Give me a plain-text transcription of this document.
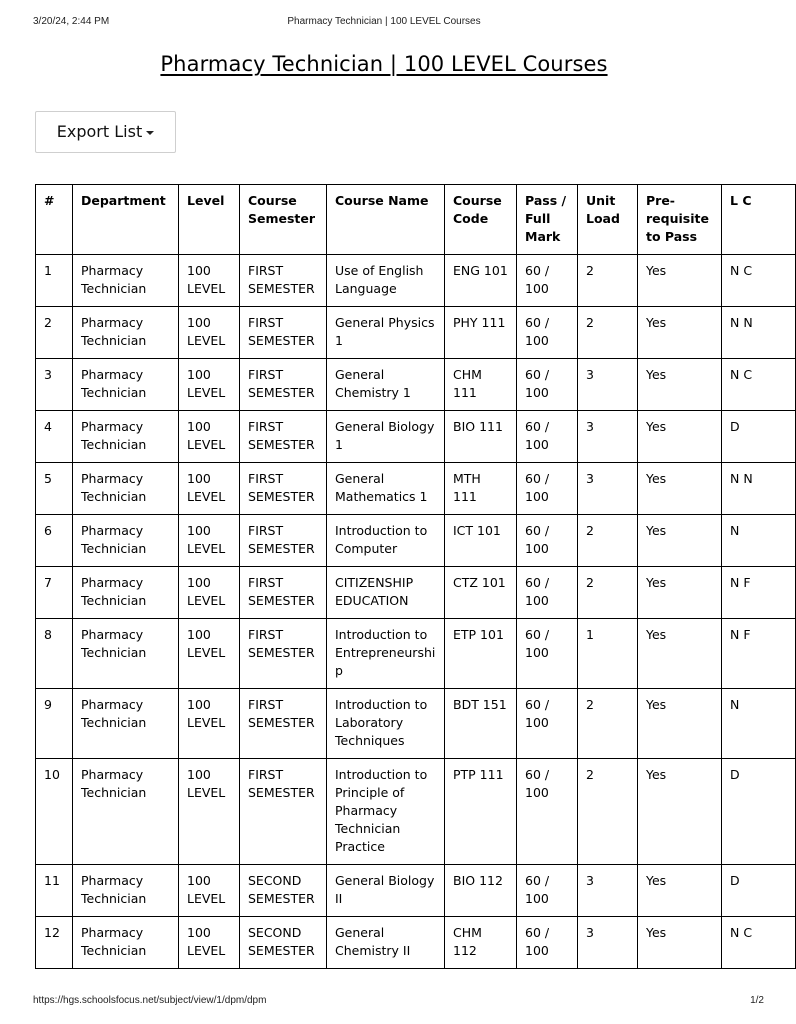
3/20/24, 2:44 PM	Pharmacy Technician | 100 LEVEL Courses
Pharmacy Technician | 100 LEVEL Courses
Export List
#	Department	Level	Course Semester	Course Name	Course Code	Pass / Full Mark	Unit Load	Pre-requisite to Pass	L C
1	Pharmacy Technician	100 LEVEL	FIRST SEMESTER	Use of English Language	ENG 101	60 / 100	2	Yes	N C
2	Pharmacy Technician	100 LEVEL	FIRST SEMESTER	General Physics 1	PHY 111	60 / 100	2	Yes	N N
3	Pharmacy Technician	100 LEVEL	FIRST SEMESTER	General Chemistry 1	CHM 111	60 / 100	3	Yes	N C
4	Pharmacy Technician	100 LEVEL	FIRST SEMESTER	General Biology 1	BIO 111	60 / 100	3	Yes	D
5	Pharmacy Technician	100 LEVEL	FIRST SEMESTER	General Mathematics 1	MTH 111	60 / 100	3	Yes	N N
6	Pharmacy Technician	100 LEVEL	FIRST SEMESTER	Introduction to Computer	ICT 101	60 / 100	2	Yes	N
7	Pharmacy Technician	100 LEVEL	FIRST SEMESTER	CITIZENSHIP EDUCATION	CTZ 101	60 / 100	2	Yes	N F
8	Pharmacy Technician	100 LEVEL	FIRST SEMESTER	Introduction to Entrepreneurship	ETP 101	60 / 100	1	Yes	N F
9	Pharmacy Technician	100 LEVEL	FIRST SEMESTER	Introduction to Laboratory Techniques	BDT 151	60 / 100	2	Yes	N
10	Pharmacy Technician	100 LEVEL	FIRST SEMESTER	Introduction to Principle of Pharmacy Technician Practice	PTP 111	60 / 100	2	Yes	D
11	Pharmacy Technician	100 LEVEL	SECOND SEMESTER	General Biology II	BIO 112	60 / 100	3	Yes	D
12	Pharmacy Technician	100 LEVEL	SECOND SEMESTER	General Chemistry II	CHM 112	60 / 100	3	Yes	N C
https://hgs.schoolsfocus.net/subject/view/1/dpm/dpm	1/2
